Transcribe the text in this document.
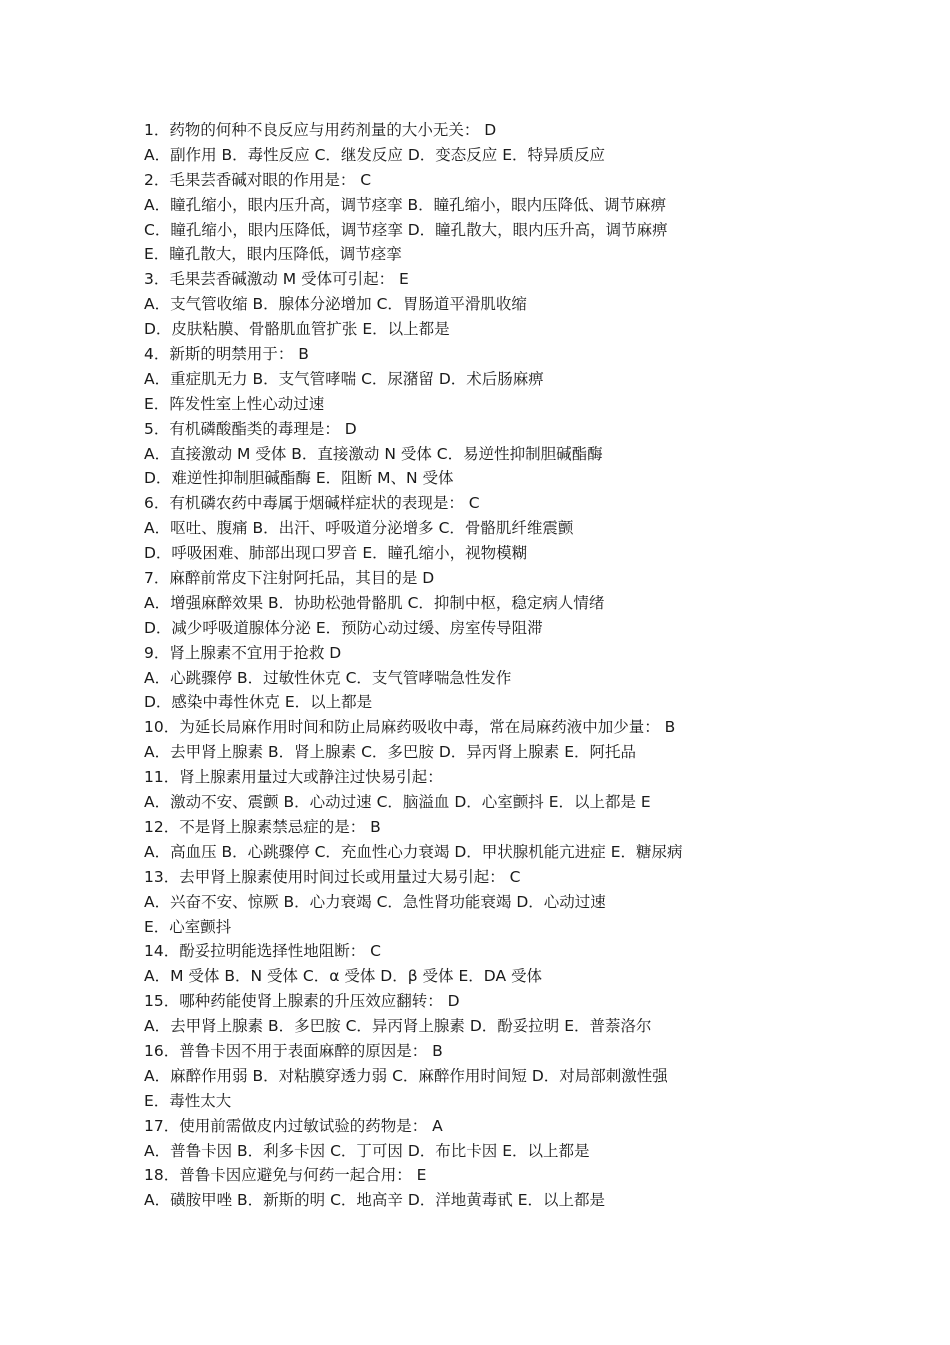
1．药物的何种不良反应与用药剂量的大小无关： D
A．副作用 B．毒性反应 C．继发反应 D．变态反应 E．特异质反应
2．毛果芸香碱对眼的作用是： C
A．瞳孔缩小，眼内压升高，调节痉挛 B．瞳孔缩小，眼内压降低、调节麻痹
C．瞳孔缩小，眼内压降低，调节痉挛 D．瞳孔散大，眼内压升高，调节麻痹
E．瞳孔散大，眼内压降低，调节痉挛
3．毛果芸香碱激动 M 受体可引起： E
A．支气管收缩 B．腺体分泌增加 C．胃肠道平滑肌收缩
D．皮肤粘膜、骨骼肌血管扩张 E．以上都是
4．新斯的明禁用于： B
A．重症肌无力 B．支气管哮喘 C．尿潴留 D．术后肠麻痹
E．阵发性室上性心动过速
5．有机磷酸酯类的毒理是： D
A．直接激动 M 受体 B．直接激动 N 受体 C．易逆性抑制胆碱酯酶
D．难逆性抑制胆碱酯酶 E．阻断 M、N 受体
6．有机磷农药中毒属于烟碱样症状的表现是： C
A．呕吐、腹痛 B．出汗、呼吸道分泌增多 C．骨骼肌纤维震颤
D．呼吸困难、肺部出现口罗音 E．瞳孔缩小，视物模糊
7．麻醉前常皮下注射阿托品，其目的是 D
A．增强麻醉效果 B．协助松弛骨骼肌 C．抑制中枢，稳定病人情绪
D．减少呼吸道腺体分泌 E．预防心动过缓、房室传导阻滞
9．肾上腺素不宜用于抢救 D
A．心跳骤停 B．过敏性休克 C．支气管哮喘急性发作
D．感染中毒性休克 E．以上都是
10．为延长局麻作用时间和防止局麻药吸收中毒，常在局麻药液中加少量： B
A．去甲肾上腺素 B．肾上腺素 C．多巴胺 D．异丙肾上腺素 E．阿托品
11．肾上腺素用量过大或静注过快易引起：
A．激动不安、震颤 B．心动过速 C．脑溢血 D．心室颤抖 E．以上都是 E
12．不是肾上腺素禁忌症的是： B
A．高血压 B．心跳骤停 C．充血性心力衰竭 D．甲状腺机能亢进症 E．糖尿病
13．去甲肾上腺素使用时间过长或用量过大易引起： C
A．兴奋不安、惊厥 B．心力衰竭 C．急性肾功能衰竭 D．心动过速
E．心室颤抖
14．酚妥拉明能选择性地阻断： C
A．M 受体 B．N 受体 C．α 受体 D．β 受体 E．DA 受体
15．哪种药能使肾上腺素的升压效应翻转： D
A．去甲肾上腺素 B．多巴胺 C．异丙肾上腺素 D．酚妥拉明 E．普萘洛尔
16．普鲁卡因不用于表面麻醉的原因是： B
A．麻醉作用弱 B．对粘膜穿透力弱 C．麻醉作用时间短 D．对局部刺激性强
E．毒性太大
17．使用前需做皮内过敏试验的药物是： A
A．普鲁卡因 B．利多卡因 C．丁可因 D．布比卡因 E．以上都是
18．普鲁卡因应避免与何药一起合用： E
A．磺胺甲唑 B．新斯的明 C．地高辛 D．洋地黄毒甙 E．以上都是
